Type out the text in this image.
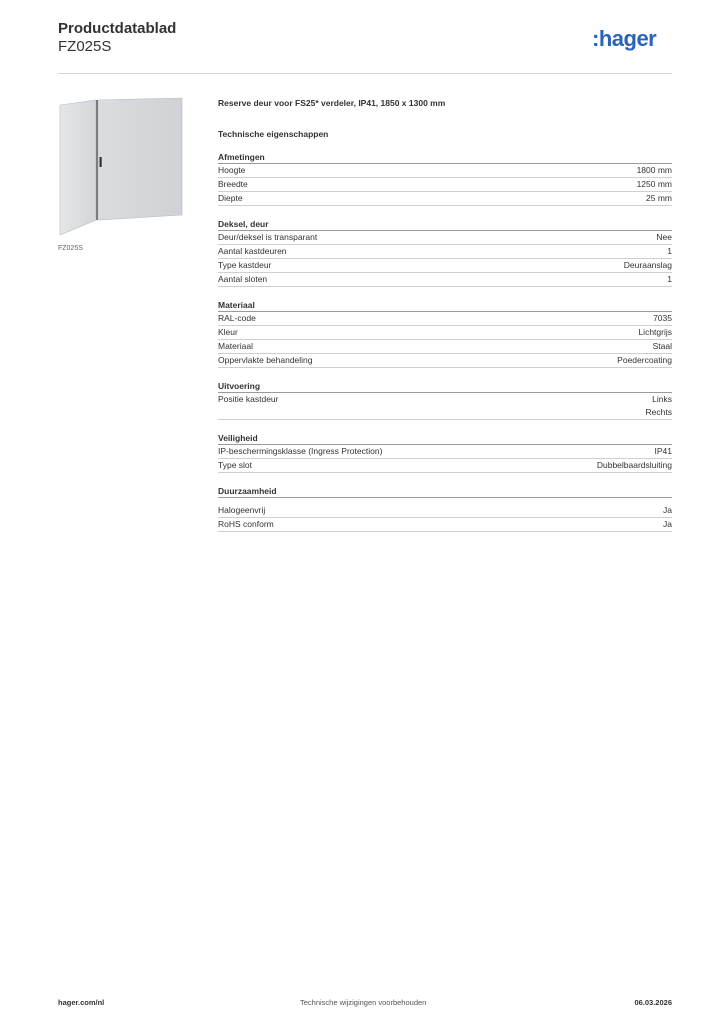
Productdatablad
FZ025S	:hager
FZ025S
Reserve deur voor FS25* verdeler, IP41, 1850 x 1300 mm
Technische eigenschappen
Afmetingen
Hoogte	1800 mm
Breedte	1250 mm
Diepte	25 mm
Deksel, deur
Deur/deksel is transparant	Nee
Aantal kastdeuren	1
Type kastdeur	Deuraanslag
Aantal sloten	1
Materiaal
RAL-code	7035
Kleur	Lichtgrijs
Materiaal	Staal
Oppervlakte behandeling	Poedercoating
Uitvoering
Positie kastdeur	Links
Rechts
Veiligheid
IP-beschermingsklasse (Ingress Protection)	IP41
Type slot	Dubbelbaardsluiting
Duurzaamheid
Halogeenvrij	Ja
RoHS conform	Ja
hager.com/nl	Technische wijzigingen voorbehouden	06.03.2026
